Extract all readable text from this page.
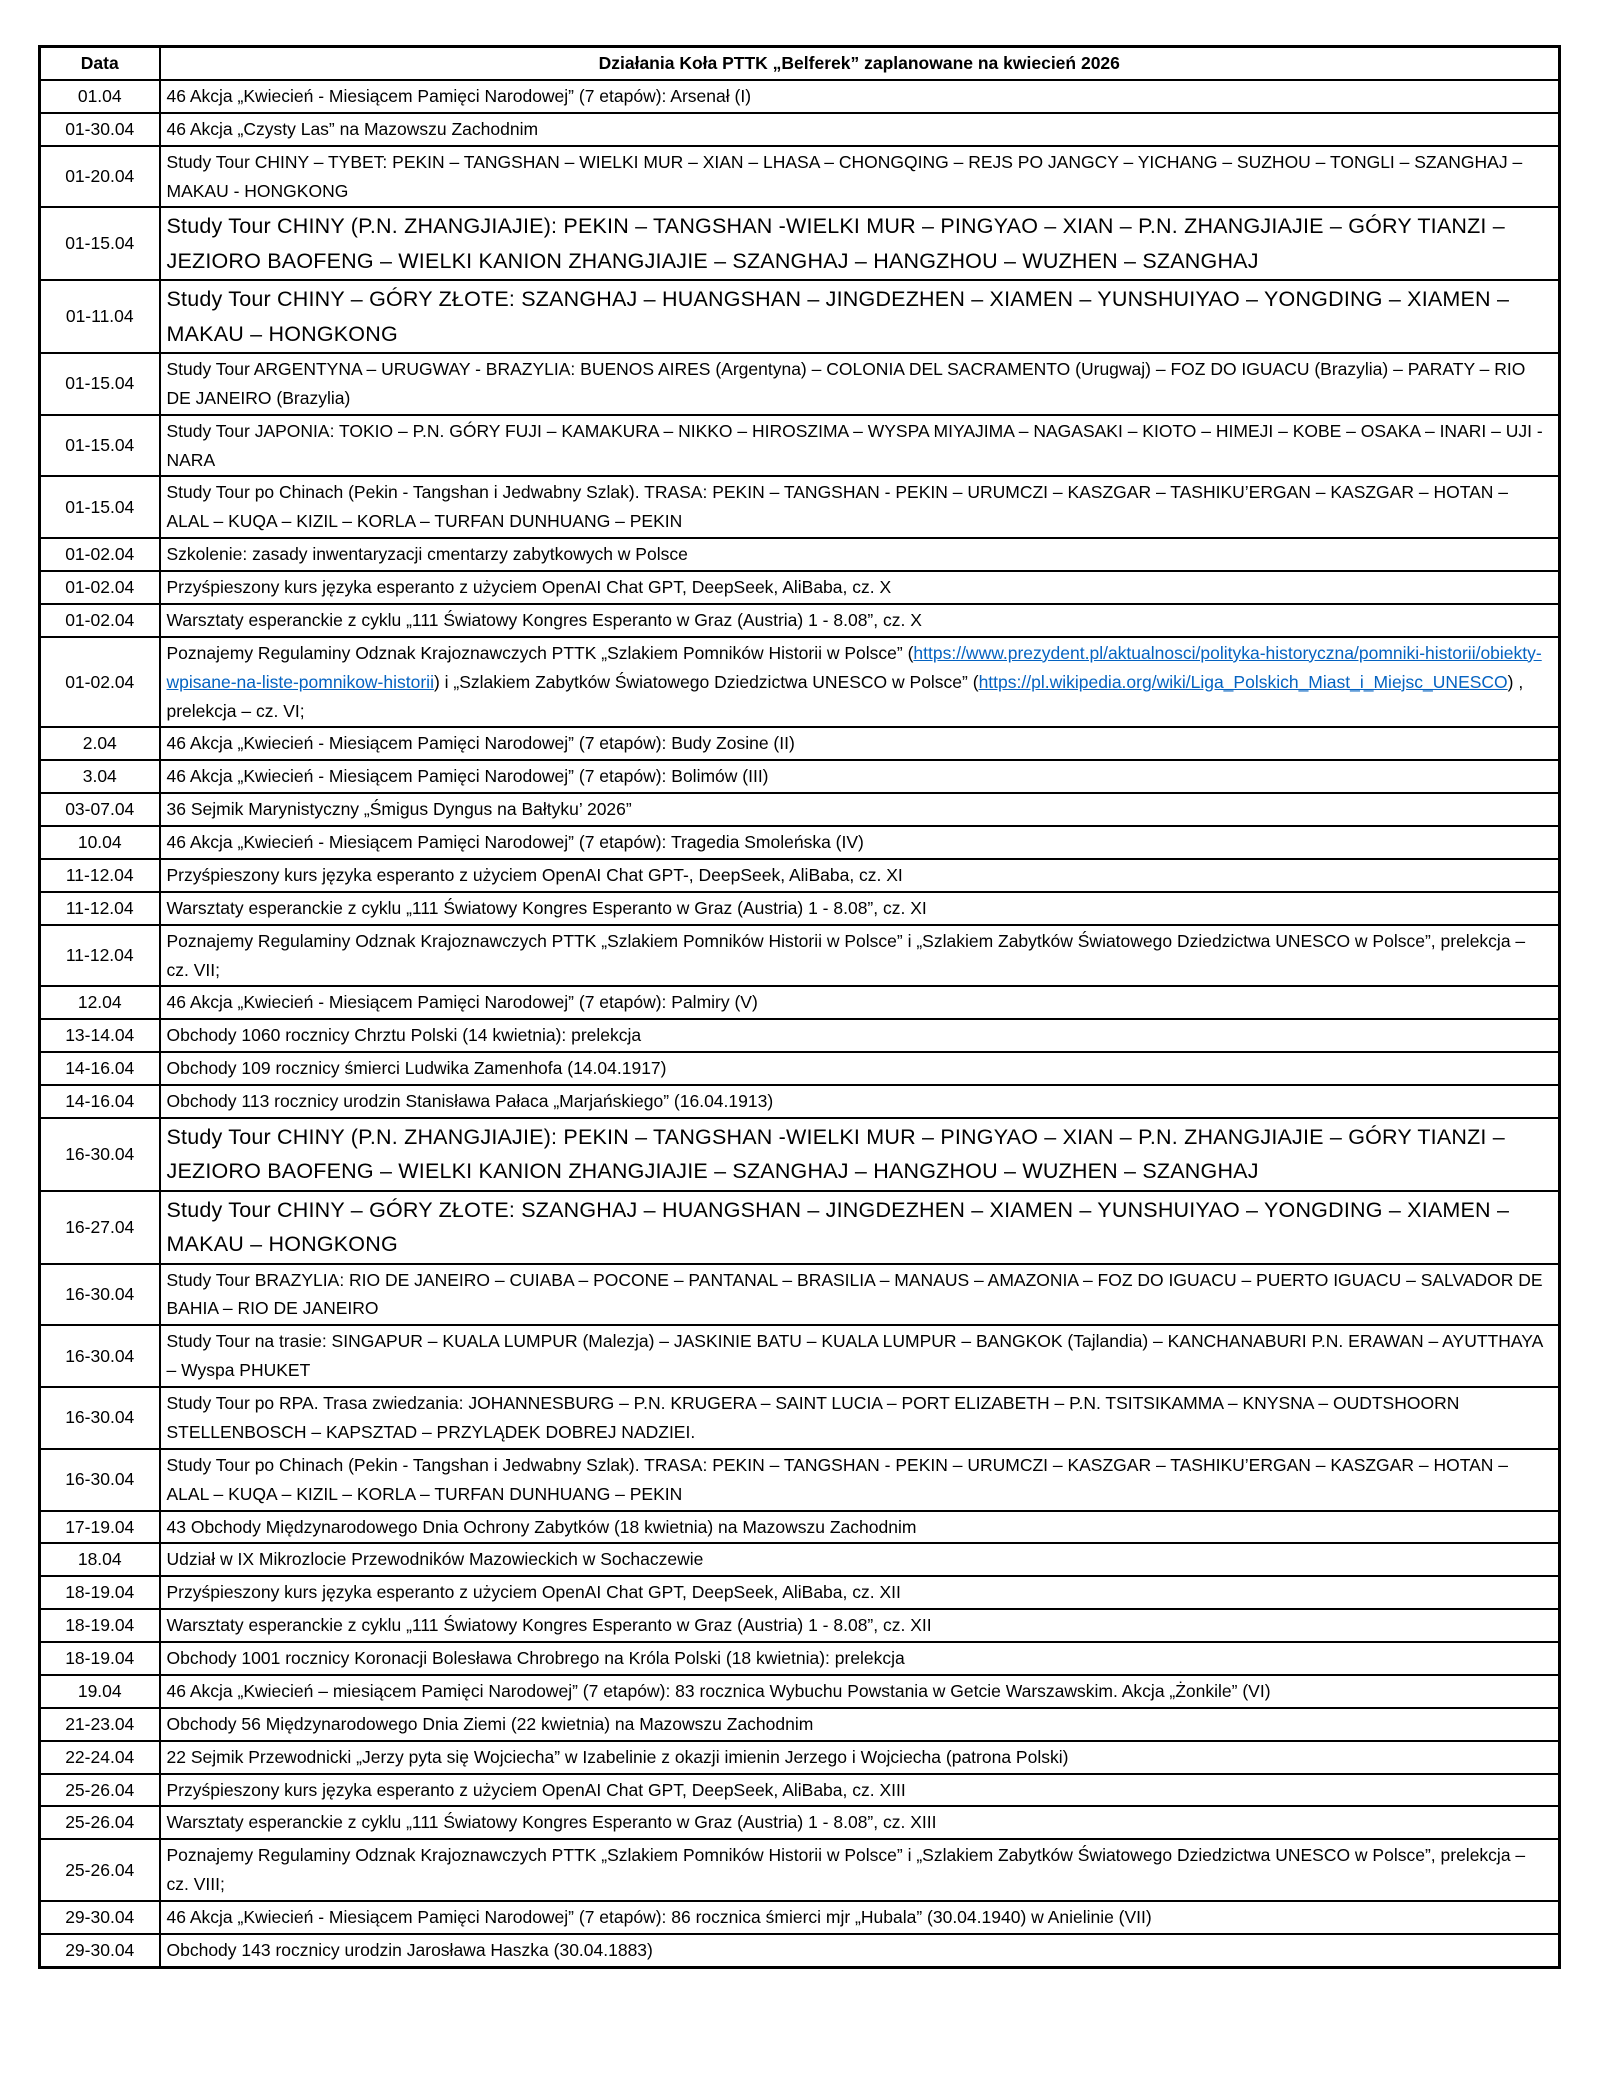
Data	Działania Koła PTTK „Belferek” zaplanowane na kwiecień 2026
01.04	46 Akcja „Kwiecień - Miesiącem Pamięci Narodowej” (7 etapów): Arsenał (I)
01-30.04	46 Akcja „Czysty Las” na Mazowszu Zachodnim
01-20.04	Study Tour CHINY – TYBET: PEKIN – TANGSHAN – WIELKI MUR – XIAN – LHASA – CHONGQING – REJS PO JANGCY – YICHANG – SUZHOU – TONGLI – SZANGHAJ – MAKAU - HONGKONG
01-15.04	Study Tour CHINY (P.N. ZHANGJIAJIE): PEKIN – TANGSHAN -WIELKI MUR – PINGYAO – XIAN – P.N. ZHANGJIAJIE – GÓRY TIANZI – JEZIORO BAOFENG – WIELKI KANION ZHANGJIAJIE – SZANGHAJ – HANGZHOU – WUZHEN – SZANGHAJ
01-11.04	Study Tour CHINY – GÓRY ZŁOTE: SZANGHAJ – HUANGSHAN – JINGDEZHEN – XIAMEN – YUNSHUIYAO – YONGDING – XIAMEN – MAKAU – HONGKONG
01-15.04	Study Tour ARGENTYNA – URUGWAY - BRAZYLIA: BUENOS AIRES (Argentyna) – COLONIA DEL SACRAMENTO (Urugwaj) – FOZ DO IGUACU (Brazylia) – PARATY – RIO DE JANEIRO (Brazylia)
01-15.04	Study Tour JAPONIA: TOKIO – P.N. GÓRY FUJI – KAMAKURA – NIKKO – HIROSZIMA – WYSPA MIYAJIMA – NAGASAKI – KIOTO – HIMEJI – KOBE – OSAKA – INARI – UJI - NARA
01-15.04	Study Tour po Chinach (Pekin - Tangshan i Jedwabny Szlak). TRASA: PEKIN – TANGSHAN - PEKIN – URUMCZI – KASZGAR – TASHIKU’ERGAN – KASZGAR – HOTAN – ALAL – KUQA – KIZIL – KORLA – TURFAN DUNHUANG – PEKIN
01-02.04	Szkolenie: zasady inwentaryzacji cmentarzy zabytkowych w Polsce
01-02.04	Przyśpieszony kurs języka esperanto z użyciem OpenAI Chat GPT, DeepSeek, AliBaba, cz. X
01-02.04	Warsztaty esperanckie z cyklu „111 Światowy Kongres Esperanto w Graz (Austria) 1 - 8.08”, cz. X
01-02.04	Poznajemy Regulaminy Odznak Krajoznawczych PTTK „Szlakiem Pomników Historii w Polsce” (https://www.prezydent.pl/aktualnosci/polityka-historyczna/pomniki-historii/obiekty-wpisane-na-liste-pomnikow-historii) i „Szlakiem Zabytków Światowego Dziedzictwa UNESCO w Polsce” (https://pl.wikipedia.org/wiki/Liga_Polskich_Miast_i_Miejsc_UNESCO) , prelekcja – cz. VI;
2.04	46 Akcja „Kwiecień - Miesiącem Pamięci Narodowej” (7 etapów): Budy Zosine (II)
3.04	46 Akcja „Kwiecień - Miesiącem Pamięci Narodowej” (7 etapów): Bolimów (III)
03-07.04	36 Sejmik Marynistyczny „Śmigus Dyngus na Bałtyku’ 2026”
10.04	46 Akcja „Kwiecień - Miesiącem Pamięci Narodowej” (7 etapów): Tragedia Smoleńska (IV)
11-12.04	Przyśpieszony kurs języka esperanto z użyciem OpenAI Chat GPT-, DeepSeek, AliBaba, cz. XI
11-12.04	Warsztaty esperanckie z cyklu „111 Światowy Kongres Esperanto w Graz (Austria) 1 - 8.08”, cz. XI
11-12.04	Poznajemy Regulaminy Odznak Krajoznawczych PTTK „Szlakiem Pomników Historii w Polsce” i „Szlakiem Zabytków Światowego Dziedzictwa UNESCO w Polsce”, prelekcja – cz. VII;
12.04	46 Akcja „Kwiecień - Miesiącem Pamięci Narodowej” (7 etapów): Palmiry (V)
13-14.04	Obchody 1060 rocznicy Chrztu Polski (14 kwietnia): prelekcja
14-16.04	Obchody 109 rocznicy śmierci Ludwika Zamenhofa (14.04.1917)
14-16.04	Obchody 113 rocznicy urodzin Stanisława Pałaca „Marjańskiego” (16.04.1913)
16-30.04	Study Tour CHINY (P.N. ZHANGJIAJIE): PEKIN – TANGSHAN -WIELKI MUR – PINGYAO – XIAN – P.N. ZHANGJIAJIE – GÓRY TIANZI – JEZIORO BAOFENG – WIELKI KANION ZHANGJIAJIE – SZANGHAJ – HANGZHOU – WUZHEN – SZANGHAJ
16-27.04	Study Tour CHINY – GÓRY ZŁOTE: SZANGHAJ – HUANGSHAN – JINGDEZHEN – XIAMEN – YUNSHUIYAO – YONGDING – XIAMEN – MAKAU – HONGKONG
16-30.04	Study Tour BRAZYLIA: RIO DE JANEIRO – CUIABA – POCONE – PANTANAL – BRASILIA – MANAUS – AMAZONIA – FOZ DO IGUACU – PUERTO IGUACU – SALVADOR DE BAHIA – RIO DE JANEIRO
16-30.04	Study Tour na trasie: SINGAPUR – KUALA LUMPUR (Malezja) – JASKINIE BATU – KUALA LUMPUR – BANGKOK (Tajlandia) – KANCHANABURI P.N. ERAWAN – AYUTTHAYA – Wyspa PHUKET
16-30.04	Study Tour po RPA. Trasa zwiedzania: JOHANNESBURG – P.N. KRUGERA – SAINT LUCIA – PORT ELIZABETH – P.N. TSITSIKAMMA – KNYSNA – OUDTSHOORN STELLENBOSCH – KAPSZTAD – PRZYLĄDEK DOBREJ NADZIEI.
16-30.04	Study Tour po Chinach (Pekin - Tangshan i Jedwabny Szlak). TRASA: PEKIN – TANGSHAN - PEKIN – URUMCZI – KASZGAR – TASHIKU’ERGAN – KASZGAR – HOTAN – ALAL – KUQA – KIZIL – KORLA – TURFAN DUNHUANG – PEKIN
17-19.04	43 Obchody Międzynarodowego Dnia Ochrony Zabytków (18 kwietnia) na Mazowszu Zachodnim
18.04	Udział w IX Mikrozlocie Przewodników Mazowieckich w Sochaczewie
18-19.04	Przyśpieszony kurs języka esperanto z użyciem OpenAI Chat GPT, DeepSeek, AliBaba, cz. XII
18-19.04	Warsztaty esperanckie z cyklu „111 Światowy Kongres Esperanto w Graz (Austria) 1 - 8.08”, cz. XII
18-19.04	Obchody 1001 rocznicy Koronacji Bolesława Chrobrego na Króla Polski (18 kwietnia): prelekcja
19.04	46 Akcja „Kwiecień – miesiącem Pamięci Narodowej” (7 etapów): 83 rocznica Wybuchu Powstania w Getcie Warszawskim. Akcja „Żonkile” (VI)
21-23.04	Obchody 56 Międzynarodowego Dnia Ziemi (22 kwietnia) na Mazowszu Zachodnim
22-24.04	22 Sejmik Przewodnicki „Jerzy pyta się Wojciecha” w Izabelinie z okazji imienin Jerzego i Wojciecha (patrona Polski)
25-26.04	Przyśpieszony kurs języka esperanto z użyciem OpenAI Chat GPT, DeepSeek, AliBaba, cz. XIII
25-26.04	Warsztaty esperanckie z cyklu „111 Światowy Kongres Esperanto w Graz (Austria) 1 - 8.08”, cz. XIII
25-26.04	Poznajemy Regulaminy Odznak Krajoznawczych PTTK „Szlakiem Pomników Historii w Polsce” i „Szlakiem Zabytków Światowego Dziedzictwa UNESCO w Polsce”, prelekcja – cz. VIII;
29-30.04	46 Akcja „Kwiecień - Miesiącem Pamięci Narodowej” (7 etapów): 86 rocznica śmierci mjr „Hubala” (30.04.1940) w Anielinie (VII)
29-30.04	Obchody 143 rocznicy urodzin Jarosława Haszka (30.04.1883)
